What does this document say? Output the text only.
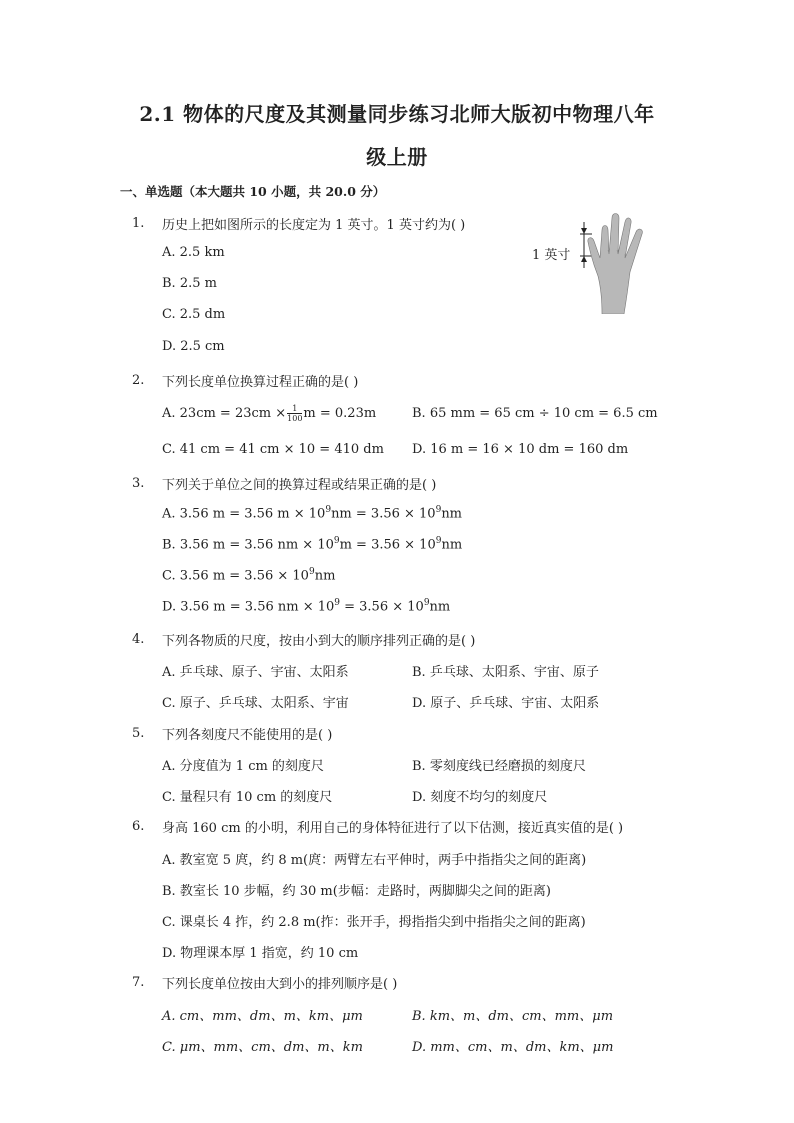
2.1 物体的尺度及其测量同步练习北师大版初中物理八年
级上册
一、单选题（本大题共 10 小题，共 20.0 分）
1 英寸
1. 历史上把如图所示的长度定为 1 英寸。1 英寸约为( )
A. 2.5 km
B. 2.5 m
C. 2.5 dm
D. 2.5 cm
2. 下列长度单位换算过程正确的是( )
A. $23cm = 23cm \times \frac{1}{100}$ m = 0.23m	B. 65 mm = 65 cm ÷ 10 cm = 6.5 cm
C. 41 cm = 41 cm × 10 = 410 dm D. 16 m = 16 × 10 dm = 160 dm
3. 下列关于单位之间的换算过程或结果正确的是( )
A. 3.56 m = 3.56 $m \times 10^9nm = 3.56 \times 10^9nm$
B. 3.56 m = 3.56 nm × $10^9m = 3.56 \times 10^9nm$
C. 3.56 $m = 3.56 \times 10^9nm$
D. 3.56 m = 3.56 nm × $10^9 = 3.56 \times 10^9nm$
4. 下列各物质的尺度，按由小到大的顺序排列正确的是( )
A. 乒乓球、原子、宇宙、太阳系	B. 乒乓球、太阳系、宇宙、原子
C. 原子、乒乓球、太阳系、宇宙	D. 原子、乒乓球、宇宙、太阳系
5. 下列各刻度尺不能使用的是( )
A. 分度值为 1 cm 的刻度尺	B. 零刻度线已经磨损的刻度尺
C. 量程只有 10 cm 的刻度尺	D. 刻度不均匀的刻度尺
6. 身高 160 cm 的小明，利用自己的身体特征进行了以下估测，接近真实值的是( )
A. 教室宽 5 庹，约 8 m(庹：两臂左右平伸时，两手中指指尖之间的距离)
B. 教室长 10 步幅，约 30 m(步幅：走路时，两脚脚尖之间的距离)
C. 课桌长 4 拃，约 2.8 m(拃：张开手，拇指指尖到中指指尖之间的距离)
D. 物理课本厚 1 指宽，约 10 cm
7. 下列长度单位按由大到小的排列顺序是( )
A. cm、mm、dm、m、km、μm	B. km、m、dm、cm、mm、μm
C. μm、mm、cm、dm、m、km	D. mm、cm、m、dm、km、μm
